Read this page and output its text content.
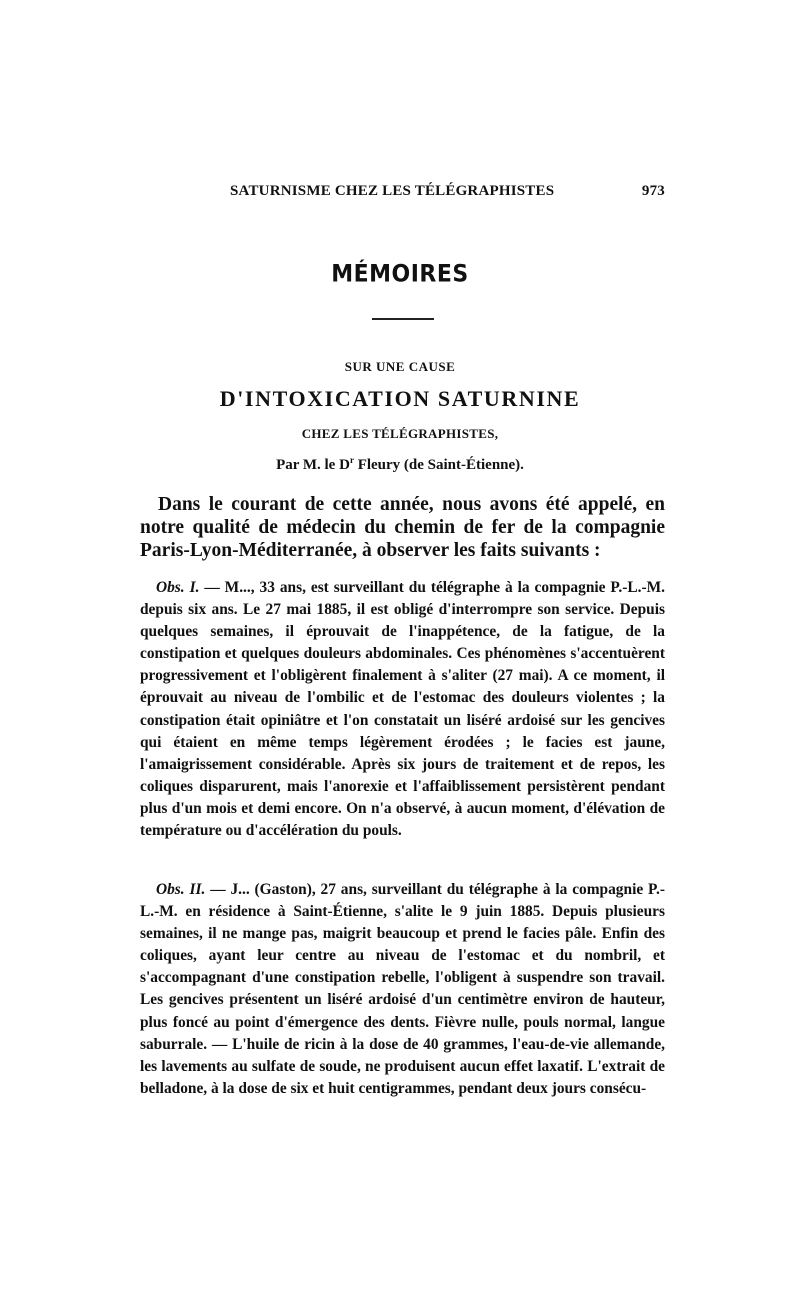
SATURNISME CHEZ LES TÉLÉGRAPHISTES	973
MÉMOIRES
SUR UNE CAUSE
D'INTOXICATION SATURNINE
CHEZ LES TÉLÉGRAPHISTES,
Par M. le $D^r$ Fleury (de Saint-Étienne).

Dans le courant de cette année, nous avons été appelé, en notre qualité de médecin du chemin de fer de la compagnie Paris-Lyon-Méditerranée, à observer les faits suivants :

Obs. I. — M..., 33 ans, est surveillant du télégraphe à la compagnie P.-L.-M. depuis six ans. Le 27 mai 1885, il est obligé d'interrompre son service. Depuis quelques semaines, il éprouvait de l'inappétence, de la fatigue, de la constipation et quelques douleurs abdominales. Ces phénomènes s'accentuèrent progressivement et l'obligèrent finalement à s'aliter (27 mai). A ce moment, il éprouvait au niveau de l'ombilic et de l'estomac des douleurs violentes ; la constipation était opiniâtre et l'on constatait un liséré ardoisé sur les gencives qui étaient en même temps légèrement érodées ; le facies est jaune, l'amaigrissement considérable. Après six jours de traitement et de repos, les coliques disparurent, mais l'anorexie et l'affaiblissement persistèrent pendant plus d'un mois et demi encore. On n'a observé, à aucun moment, d'élévation de température ou d'accélération du pouls.

Obs. II. — J... (Gaston), 27 ans, surveillant du télégraphe à la compagnie P.-L.-M. en résidence à Saint-Étienne, s'alite le 9 juin 1885. Depuis plusieurs semaines, il ne mange pas, maigrit beaucoup et prend le facies pâle. Enfin des coliques, ayant leur centre au niveau de l'estomac et du nombril, et s'accompagnant d'une constipation rebelle, l'obligent à suspendre son travail. Les gencives présentent un liséré ardoisé d'un centimètre environ de hauteur, plus foncé au point d'émergence des dents. Fièvre nulle, pouls normal, langue saburrale. — L'huile de ricin à la dose de 40 grammes, l'eau-de-vie allemande, les lavements au sulfate de soude, ne produisent aucun effet laxatif. L'extrait de belladone, à la dose de six et huit centigrammes, pendant deux jours consécu-
